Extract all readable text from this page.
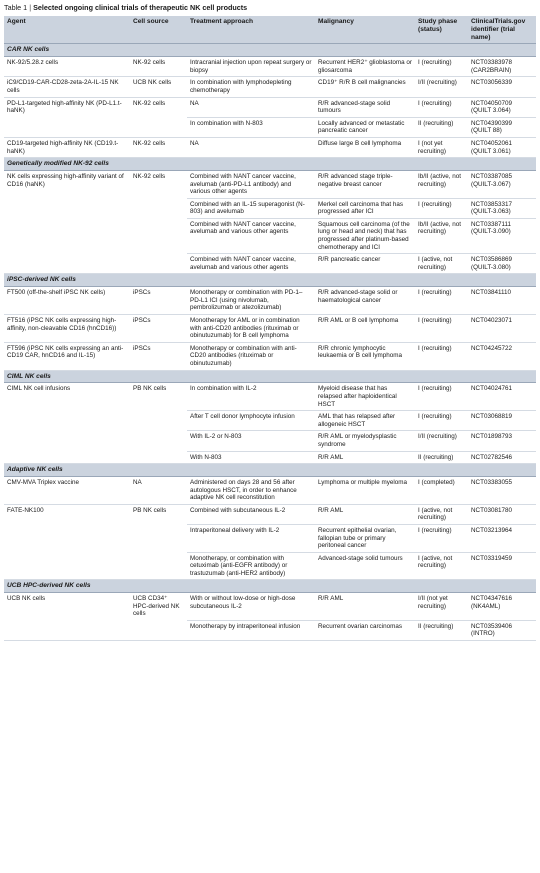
Table 1 | Selected ongoing clinical trials of therapeutic NK cell products
Agent	Cell source	Treatment approach	Malignancy	Study phase (status)	ClinicalTrials.gov identifier (trial name)
CAR NK cells					
NK-92/5.28.z cells	NK-92 cells	Intracranial injection upon repeat surgery or biopsy	Recurrent HER2⁺ glioblastoma or gliosarcoma	I (recruiting)	NCT03383978 (CAR2BRAIN)
iC9/CD19-CAR-CD28-zeta-2A-IL-15 NK cells	UCB NK cells	In combination with lymphodepleting chemotherapy	CD19⁺ R/R B cell malignancies	I/II (recruiting)	NCT03056339
PD-L1-targeted high-affinity NK (PD-L1.t-haNK)	NK-92 cells	NA	R/R advanced-stage solid tumours	I (recruiting)	NCT04050709 (QUILT 3.064)
		In combination with N-803	Locally advanced or metastatic pancreatic cancer	II (recruiting)	NCT04390399 (QUILT 88)
CD19-targeted high-affinity NK (CD19.t-haNK)	NK-92 cells	NA	Diffuse large B cell lymphoma	I (not yet recruiting)	NCT04052061 (QUILT 3.061)
Genetically modified NK-92 cells					
NK cells expressing high-affinity variant of CD16 (haNK)	NK-92 cells	Combined with NANT cancer vaccine, avelumab (anti-PD-L1 antibody) and various other agents	R/R advanced stage triple-negative breast cancer	Ib/II (active, not recruiting)	NCT03387085 (QUILT-3.067)
		Combined with an IL-15 superagonist (N-803) and avelumab	Merkel cell carcinoma that has progressed after ICI	I (recruiting)	NCT03853317 (QUILT-3.063)
		Combined with NANT cancer vaccine, avelumab and various other agents	Squamous cell carcinoma (of the lung or head and neck) that has progressed after platinum-based chemotherapy and ICI	Ib/II (active, not recruiting)	NCT03387111 (QUILT-3.090)
		Combined with NANT cancer vaccine, avelumab and various other agents	R/R pancreatic cancer	I (active, not recruiting)	NCT03586869 (QUILT-3.080)
iPSC-derived NK cells					
FT500 (off-the-shelf iPSC NK cells)	iPSCs	Monotherapy or combination with PD-1–PD-L1 ICI (using nivolumab, pembrolizumab or atezolizumab)	R/R advanced-stage solid or haematological cancer	I (recruiting)	NCT03841110
FT516 (iPSC NK cells expressing high-affinity, non-cleavable CD16 (hnCD16))	iPSCs	Monotherapy for AML or in combination with anti-CD20 antibodies (rituximab or obinutuzumab) for B cell lymphoma	R/R AML or B cell lymphoma	I (recruiting)	NCT04023071
FT596 (iPSC NK cells expressing an anti-CD19 CAR, hnCD16 and IL-15)	iPSCs	Monotherapy or combination with anti-CD20 antibodies (rituximab or obinutuzumab)	R/R chronic lymphocytic leukaemia or B cell lymphoma	I (recruiting)	NCT04245722
CIML NK cells					
CIML NK cell infusions	PB NK cells	In combination with IL-2	Myeloid disease that has relapsed after haploidentical HSCT	I (recruiting)	NCT04024761
		After T cell donor lymphocyte infusion	AML that has relapsed after allogeneic HSCT	I (recruiting)	NCT03068819
		With IL-2 or N-803	R/R AML or myelodysplastic syndrome	I/II (recruiting)	NCT01898793
		With N-803	R/R AML	II (recruiting)	NCT02782546
Adaptive NK cells					
CMV-MVA Triplex vaccine	NA	Administered on days 28 and 56 after autologous HSCT, in order to enhance adaptive NK cell reconstitution	Lymphoma or multiple myeloma	I (completed)	NCT03383055
FATE-NK100	PB NK cells	Combined with subcutaneous IL-2	R/R AML	I (active, not recruiting)	NCT03081780
		Intraperitoneal delivery with IL-2	Recurrent epithelial ovarian, fallopian tube or primary peritoneal cancer	I (recruiting)	NCT03213964
		Monotherapy, or combination with cetuximab (anti-EGFR antibody) or trastuzumab (anti-HER2 antibody)	Advanced-stage solid tumours	I (active, not recruiting)	NCT03319459
UCB HPC-derived NK cells					
UCB NK cells	UCB CD34⁺ HPC-derived NK cells	With or without low-dose or high-dose subcutaneous IL-2	R/R AML	I/II (not yet recruiting)	NCT04347616 (NK4AML)
		Monotherapy by intraperitoneal infusion	Recurrent ovarian carcinomas	II (recruiting)	NCT03539406 (INTRO)
